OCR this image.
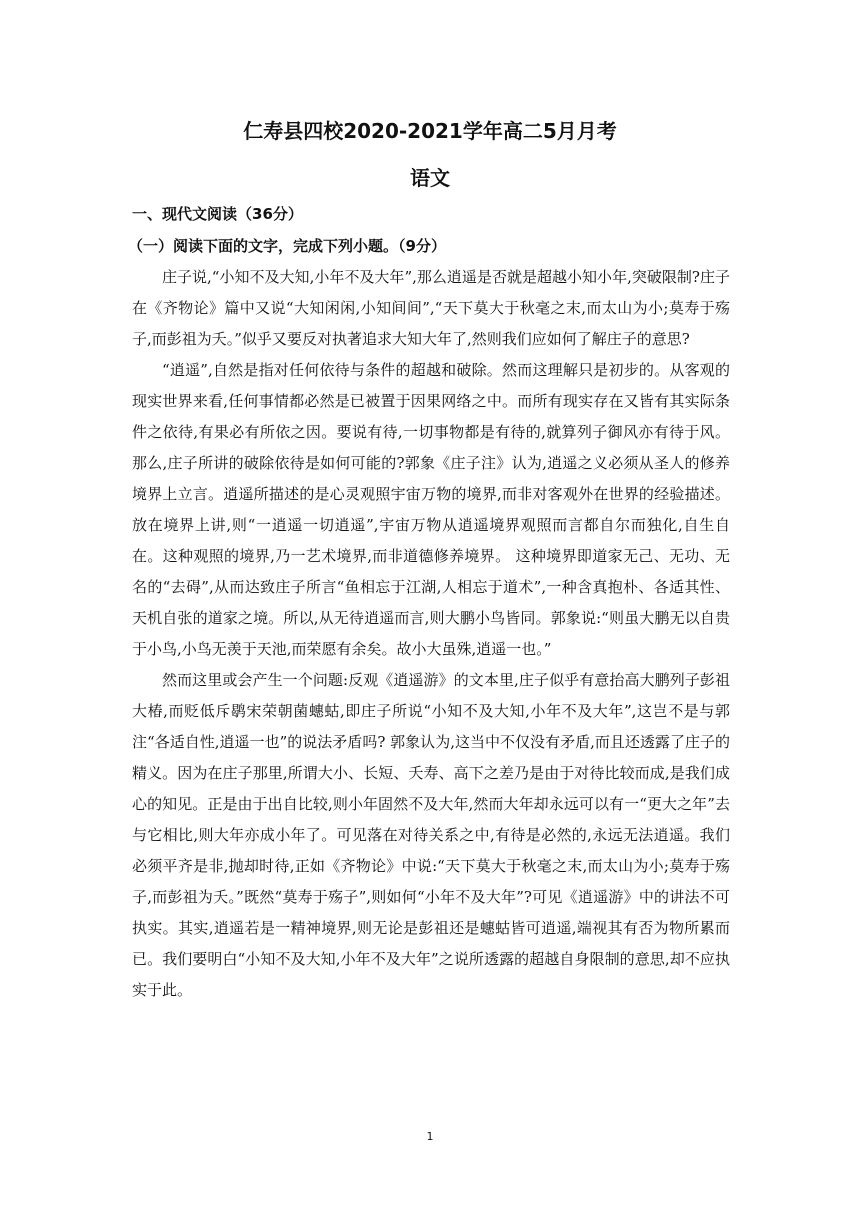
仁寿县四校2020-2021学年高二5月月考
语文
一、现代文阅读（36分）
（一）阅读下面的文字，完成下列小题。（9分）

庄子说,“小知不及大知,小年不及大年”,那么逍遥是否就是超越小知小年,突破限制?庄子在《齐物论》篇中又说“大知闲闲,小知间间”,“天下莫大于秋毫之末,而太山为小;莫寿于殇子,而彭祖为夭。”似乎又要反对执著追求大知大年了,然则我们应如何了解庄子的意思?

“逍遥”,自然是指对任何依待与条件的超越和破除。然而这理解只是初步的。从客观的现实世界来看,任何事情都必然是已被置于因果网络之中。而所有现实存在又皆有其实际条件之依待,有果必有所依之因。要说有待,一切事物都是有待的,就算列子御风亦有待于风。那么,庄子所讲的破除依待是如何可能的?郭象《庄子注》认为,逍遥之义必须从圣人的修养境界上立言。逍遥所描述的是心灵观照宇宙万物的境界,而非对客观外在世界的经验描述。放在境界上讲,则“一逍遥一切逍遥”,宇宙万物从逍遥境界观照而言都自尔而独化,自生自在。这种观照的境界,乃一艺术境界,而非道德修养境界。 这种境界即道家无己、无功、无名的“去碍”,从而达致庄子所言“鱼相忘于江湖,人相忘于道术”,一种含真抱朴、各适其性、天机自张的道家之境。所以,从无待逍遥而言,则大鹏小鸟皆同。郭象说:“则虽大鹏无以自贵于小鸟,小鸟无羡于天池,而荣愿有余矣。故小大虽殊,逍遥一也。”

然而这里或会产生一个问题:反观《逍遥游》的文本里,庄子似乎有意抬高大鹏列子彭祖大椿,而贬低斥鹖宋荣朝菌蟪蛄,即庄子所说“小知不及大知,小年不及大年”,这岂不是与郭注“各适自性,逍遥一也”的说法矛盾吗? 郭象认为,这当中不仅没有矛盾,而且还透露了庄子的精义。因为在庄子那里,所谓大小、长短、夭寿、高下之差乃是由于对待比较而成,是我们成心的知见。正是由于出自比较,则小年固然不及大年,然而大年却永远可以有一“更大之年”去与它相比,则大年亦成小年了。可见落在对待关系之中,有待是必然的,永远无法逍遥。我们必须平齐是非,抛却时待,正如《齐物论》中说:“天下莫大于秋毫之末,而太山为小;莫寿于殇子,而彭祖为夭。”既然“莫寿于殇子”,则如何“小年不及大年”?可见《逍遥游》中的讲法不可执实。其实,逍遥若是一精神境界,则无论是彭祖还是蟪蛄皆可逍遥,端视其有否为物所累而已。我们要明白“小知不及大知,小年不及大年”之说所透露的超越自身限制的意思,却不应执实于此。

1
